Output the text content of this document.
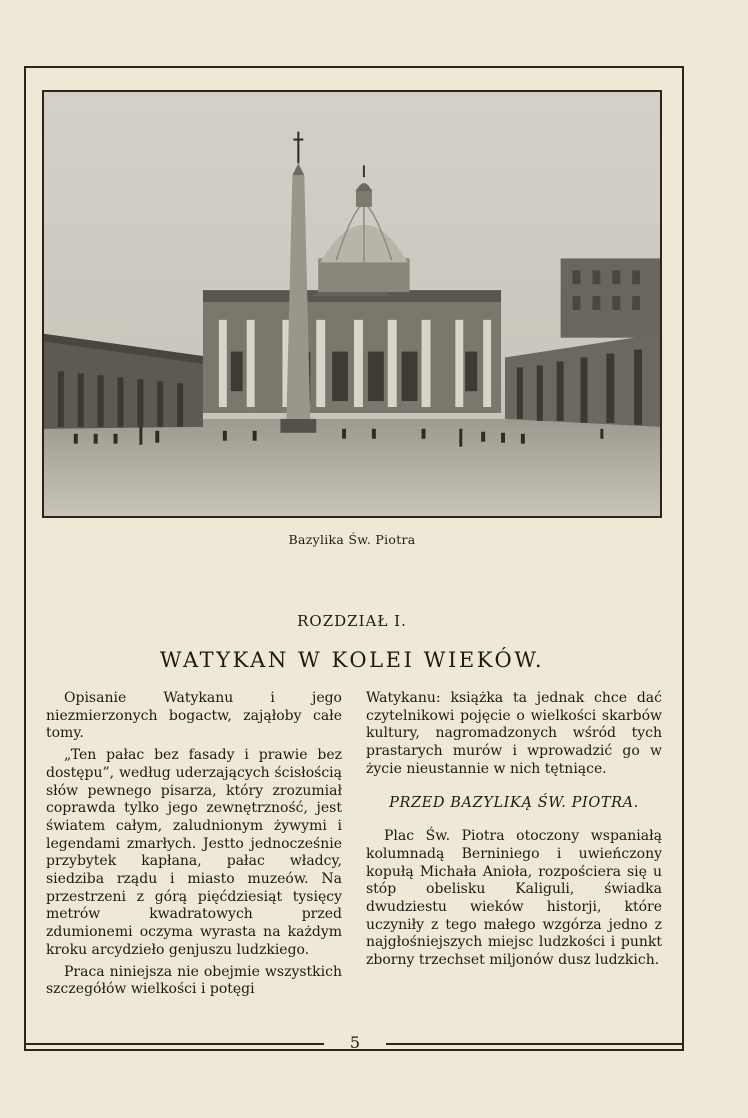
Bazylika Św. Piotra
ROZDZIAŁ I.
WATYKAN W KOLEI WIEKÓW.

Opisanie Watykanu i jego niezmierzonych bogactw, zająłoby całe tomy.

„Ten pałac bez fasady i prawie bez dostępu”, według uderzających ścisłością słów pewnego pisarza, który zrozumiał coprawda tylko jego zewnętrzność, jest światem całym, zaludnionym żywymi i legendami zmarłych. Jestto jednocześnie przybytek kapłana, pałac władcy, siedziba rządu i miasto muzeów. Na przestrzeni z górą pięćdziesiąt tysięcy metrów kwadratowych przed zdumionemi oczyma wyrasta na każdym kroku arcydzieło genjuszu ludzkiego.

Praca niniejsza nie obejmie wszystkich szczegółów wielkości i potęgi

Watykanu: książka ta jednak chce dać czytelnikowi pojęcie o wielkości skarbów kultury, nagromadzonych wśród tych prastarych murów i wprowadzić go w życie nieustannie w nich tętniące.

PRZED BAZYLIKĄ ŚW. PIOTRA.

Plac Św. Piotra otoczony wspaniałą kolumnadą Berniniego i uwieńczony kopułą Michała Anioła, rozpościera się u stóp obelisku Kaliguli, świadka dwudziestu wieków historji, które uczyniły z tego małego wzgórza jedno z najgłośniejszych miejsc ludzkości i punkt zborny trzechset miljonów dusz ludzkich.

5
